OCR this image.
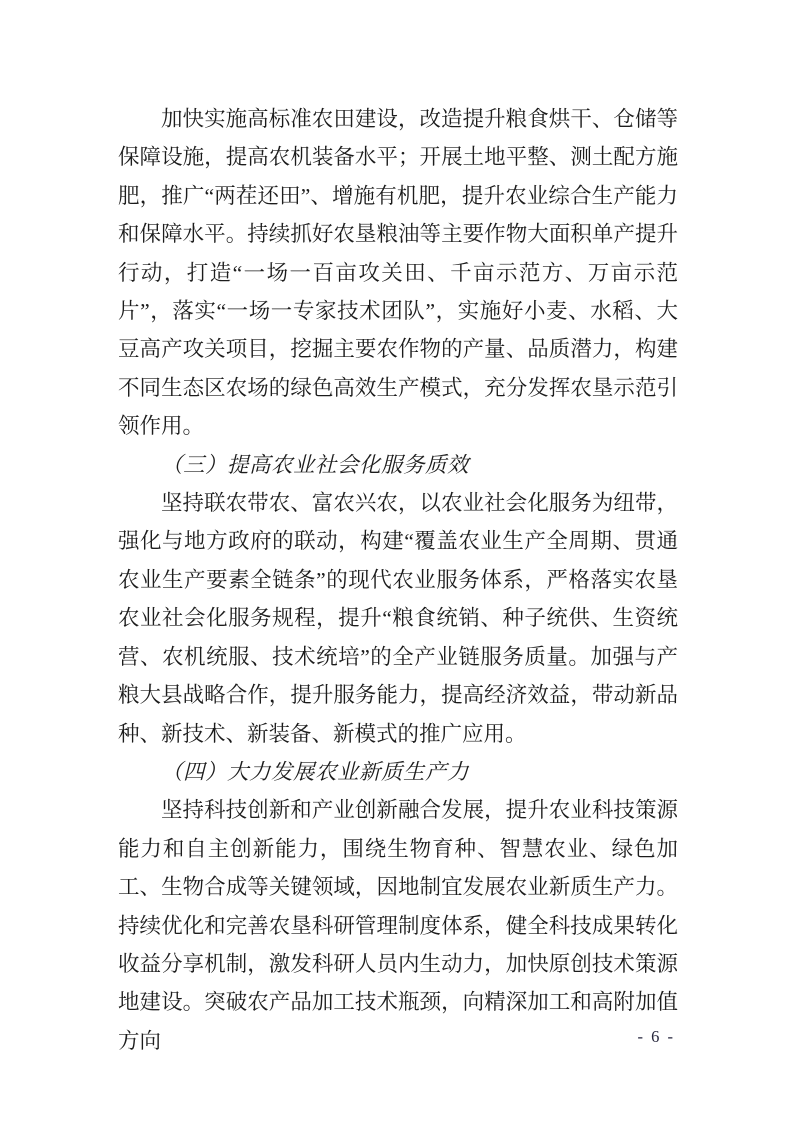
加快实施高标准农田建设，改造提升粮食烘干、仓储等保障设施，提高农机装备水平；开展土地平整、测土配方施肥，推广“两茬还田”、增施有机肥，提升农业综合生产能力和保障水平。持续抓好农垦粮油等主要作物大面积单产提升行动，打造“一场一百亩攻关田、千亩示范方、万亩示范片”，落实“一场一专家技术团队”，实施好小麦、水稻、大豆高产攻关项目，挖掘主要农作物的产量、品质潜力，构建不同生态区农场的绿色高效生产模式，充分发挥农垦示范引领作用。

（三）提高农业社会化服务质效

坚持联农带农、富农兴农，以农业社会化服务为纽带，强化与地方政府的联动，构建“覆盖农业生产全周期、贯通农业生产要素全链条”的现代农业服务体系，严格落实农垦农业社会化服务规程，提升“粮食统销、种子统供、生资统营、农机统服、技术统培”的全产业链服务质量。加强与产粮大县战略合作，提升服务能力，提高经济效益，带动新品种、新技术、新装备、新模式的推广应用。

（四）大力发展农业新质生产力

坚持科技创新和产业创新融合发展，提升农业科技策源能力和自主创新能力，围绕生物育种、智慧农业、绿色加工、生物合成等关键领域，因地制宜发展农业新质生产力。持续优化和完善农垦科研管理制度体系，健全科技成果转化收益分享机制，激发科研人员内生动力，加快原创技术策源地建设。突破农产品加工技术瓶颈，向精深加工和高附加值方向	- 6 -
